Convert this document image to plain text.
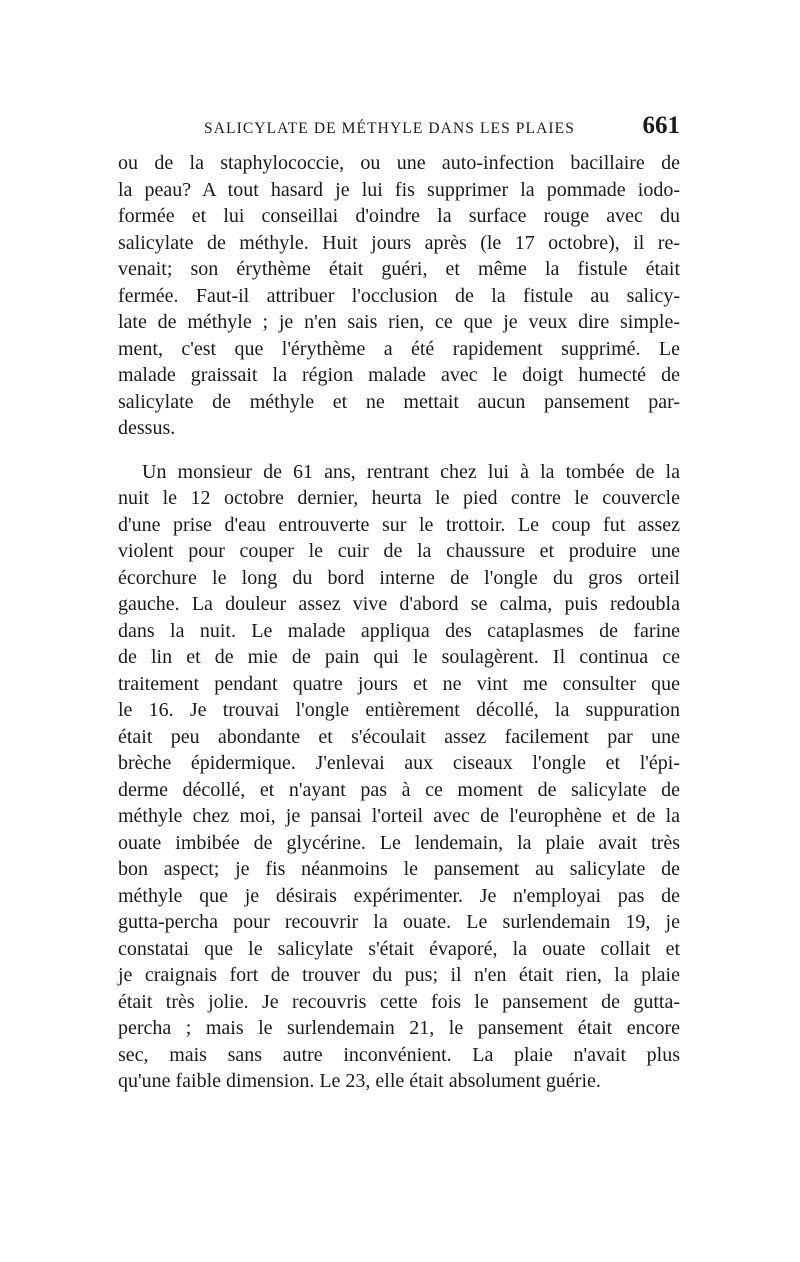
SALICYLATE DE MÉTHYLE DANS LES PLAIES	661
ou de la staphylococcie, ou une auto-infection bacillaire de
la peau? A tout hasard je lui fis supprimer la pommade iodo-
formée et lui conseillai d'oindre la surface rouge avec du
salicylate de méthyle. Huit jours après (le 17 octobre), il re-
venait; son érythème était guéri, et même la fistule était
fermée. Faut-il attribuer l'occlusion de la fistule au salicy-
late de méthyle ; je n'en sais rien, ce que je veux dire simple-
ment, c'est que l'érythème a été rapidement supprimé. Le
malade graissait la région malade avec le doigt humecté de
salicylate de méthyle et ne mettait aucun pansement par-
dessus.
Un monsieur de 61 ans, rentrant chez lui à la tombée de la
nuit le 12 octobre dernier, heurta le pied contre le couvercle
d'une prise d'eau entrouverte sur le trottoir. Le coup fut assez
violent pour couper le cuir de la chaussure et produire une
écorchure le long du bord interne de l'ongle du gros orteil
gauche. La douleur assez vive d'abord se calma, puis redoubla
dans la nuit. Le malade appliqua des cataplasmes de farine
de lin et de mie de pain qui le soulagèrent. Il continua ce
traitement pendant quatre jours et ne vint me consulter que
le 16. Je trouvai l'ongle entièrement décollé, la suppuration
était peu abondante et s'écoulait assez facilement par une
brèche épidermique. J'enlevai aux ciseaux l'ongle et l'épi-
derme décollé, et n'ayant pas à ce moment de salicylate de
méthyle chez moi, je pansai l'orteil avec de l'europhène et de la
ouate imbibée de glycérine. Le lendemain, la plaie avait très
bon aspect; je fis néanmoins le pansement au salicylate de
méthyle que je désirais expérimenter. Je n'employai pas de
gutta-percha pour recouvrir la ouate. Le surlendemain 19, je
constatai que le salicylate s'était évaporé, la ouate collait et
je craignais fort de trouver du pus; il n'en était rien, la plaie
était très jolie. Je recouvris cette fois le pansement de gutta-
percha ; mais le surlendemain 21, le pansement était encore
sec, mais sans autre inconvénient. La plaie n'avait plus
qu'une faible dimension. Le 23, elle était absolument guérie.
